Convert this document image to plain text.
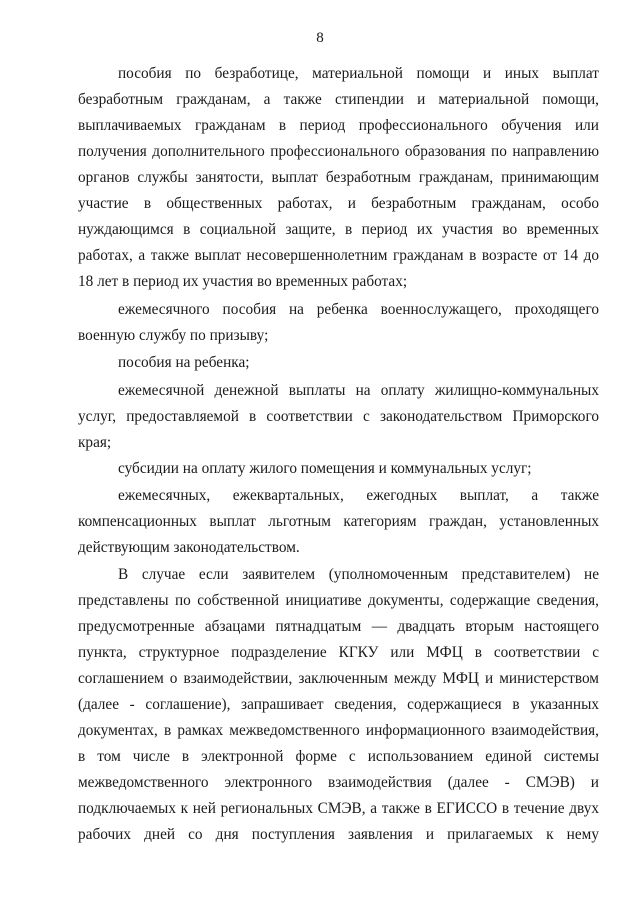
8
пособия по безработице, материальной помощи и иных выплат
безработным гражданам, а также стипендии и материальной помощи,
выплачиваемых гражданам в период профессионального обучения или
получения дополнительного профессионального образования по направлению
органов службы занятости, выплат безработным гражданам, принимающим
участие в общественных работах, и безработным гражданам, особо
нуждающимся в социальной защите, в период их участия во временных
работах, а также выплат несовершеннолетним гражданам в возрасте от 14 до
18 лет в период их участия во временных работах;
ежемесячного пособия на ребенка военнослужащего, проходящего
военную службу по призыву;
пособия на ребенка;
ежемесячной денежной выплаты на оплату жилищно-коммунальных
услуг, предоставляемой в соответствии с законодательством Приморского
края;
субсидии на оплату жилого помещения и коммунальных услуг;
ежемесячных, ежеквартальных, ежегодных выплат, а также
компенсационных выплат льготным категориям граждан, установленных
действующим законодательством.
В случае если заявителем (уполномоченным представителем) не
представлены по собственной инициативе документы, содержащие сведения,
предусмотренные абзацами пятнадцатым — двадцать вторым настоящего
пункта, структурное подразделение КГКУ или МФЦ в соответствии с
соглашением о взаимодействии, заключенным между МФЦ и министерством
(далее - соглашение), запрашивает сведения, содержащиеся в указанных
документах, в рамках межведомственного информационного взаимодействия,
в том числе в электронной форме с использованием единой системы
межведомственного электронного взаимодействия (далее - СМЭВ) и
подключаемых к ней региональных СМЭВ, а также в ЕГИССО в течение двух
рабочих дней со дня поступления заявления и прилагаемых к нему
